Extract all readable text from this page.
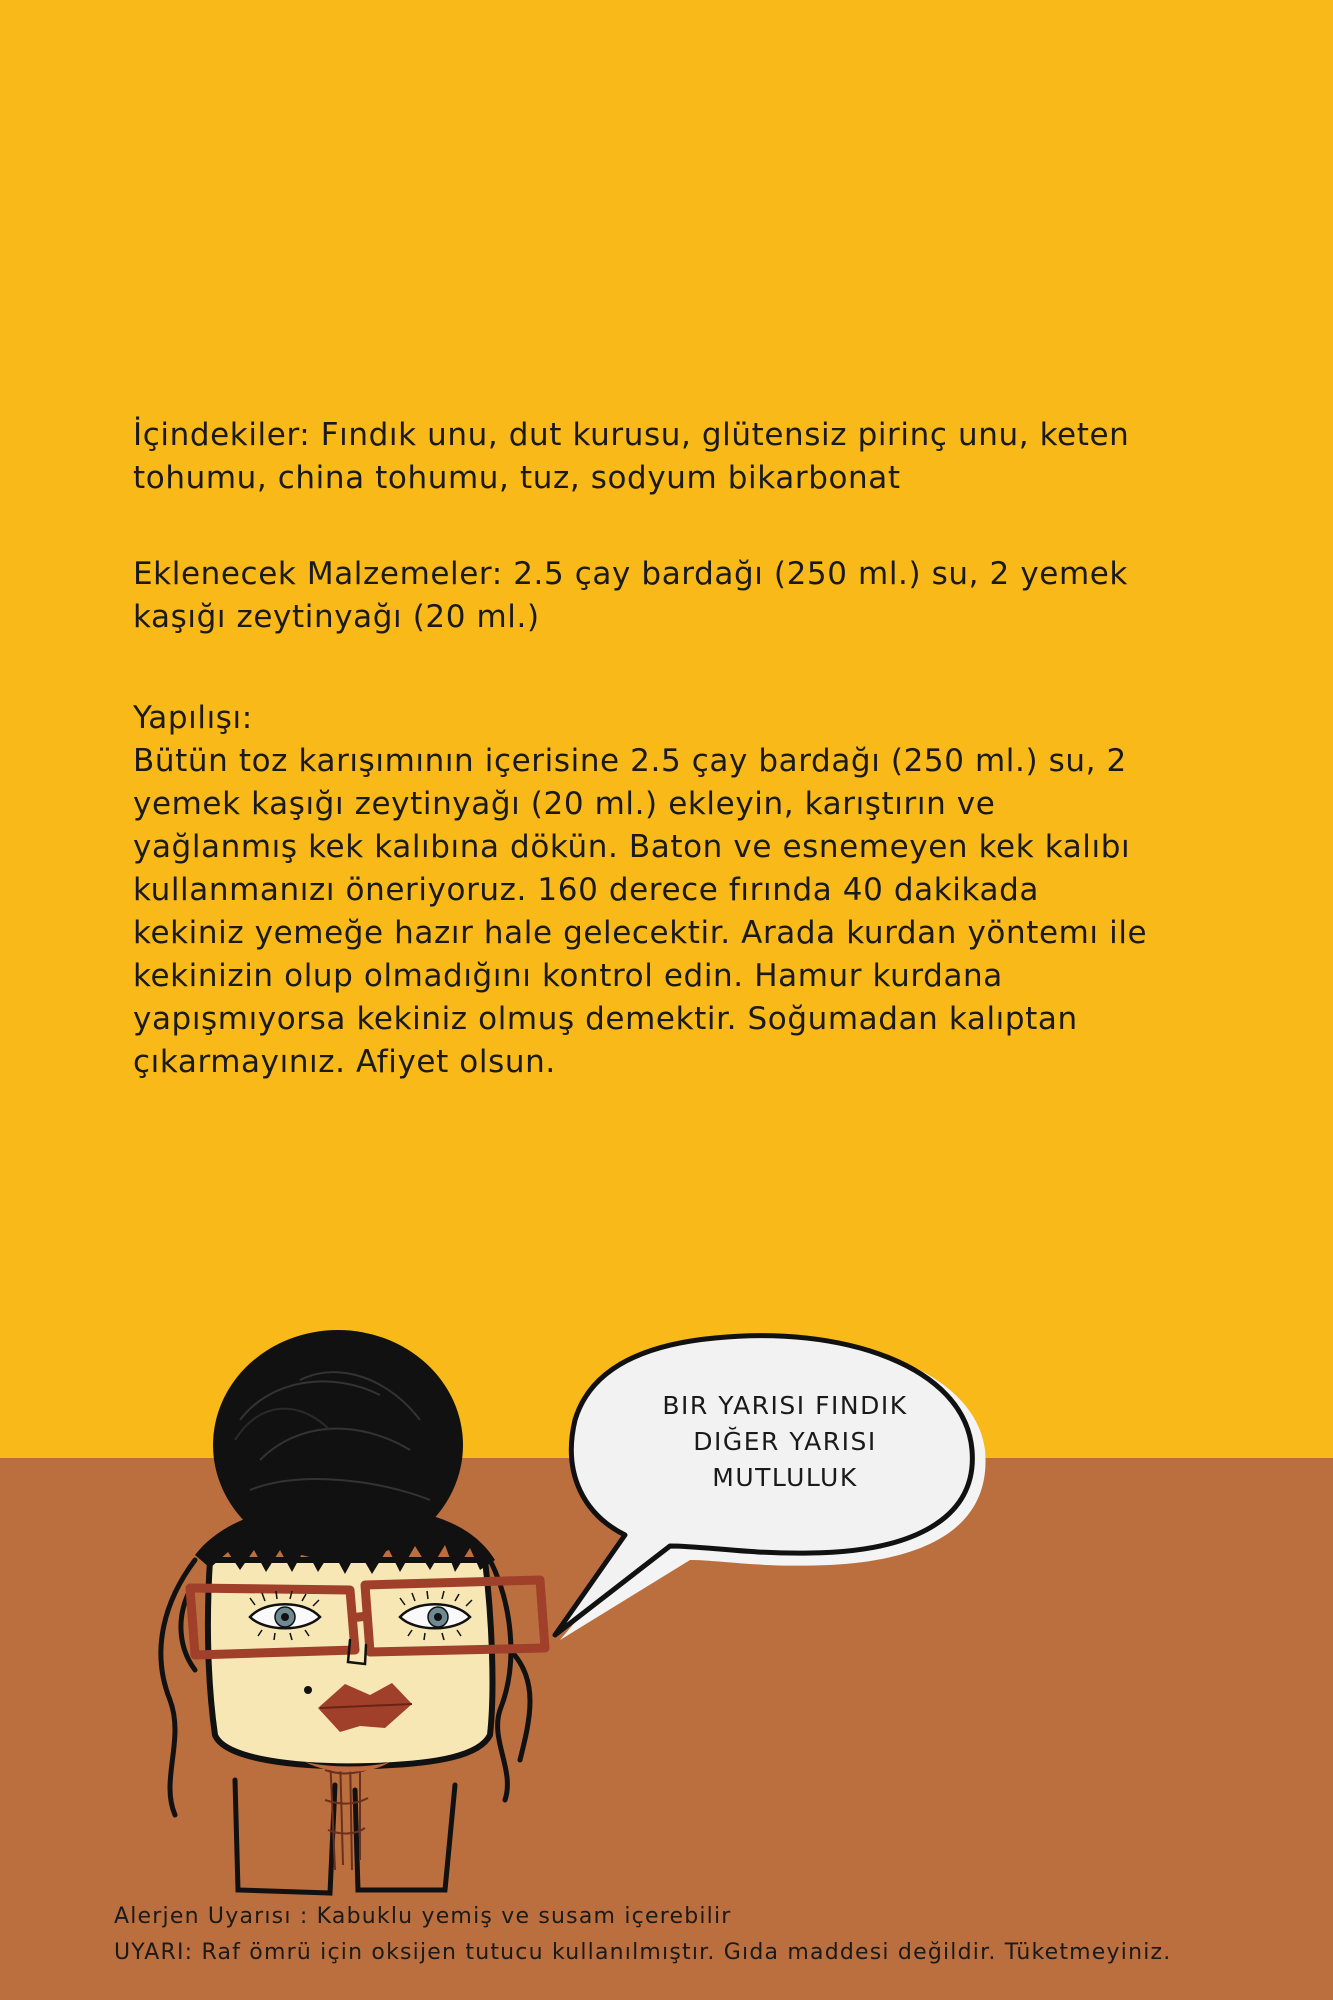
İçindekiler: Fındık unu, dut kurusu, glütensiz pirinç unu, keten
tohumu, china tohumu, tuz, sodyum bikarbonat

Eklenecek Malzemeler: 2.5 çay bardağı (250 ml.) su, 2 yemek
kaşığı zeytinyağı (20 ml.)

Yapılışı:

Bütün toz karışımının içerisine 2.5 çay bardağı (250 ml.) su, 2
yemek kaşığı zeytinyağı (20 ml.) ekleyin, karıştırın ve
yağlanmış kek kalıbına dökün. Baton ve esnemeyen kek kalıbı
kullanmanızı öneriyoruz. 160 derece fırında 40 dakikada
kekiniz yemeğe hazır hale gelecektir. Arada kurdan yöntemı ile
kekinizin olup olmadığını kontrol edin. Hamur kurdana
yapışmıyorsa kekiniz olmuş demektir. Soğumadan kalıptan
çıkarmayınız. Afiyet olsun.

BIR YARISI FINDIK
DIĞER YARISI
MUTLULUK
Alerjen Uyarısı : Kabuklu yemiş ve susam içerebilir
UYARI: Raf ömrü için oksijen tutucu kullanılmıştır. Gıda maddesi değildir. Tüketmeyiniz.
